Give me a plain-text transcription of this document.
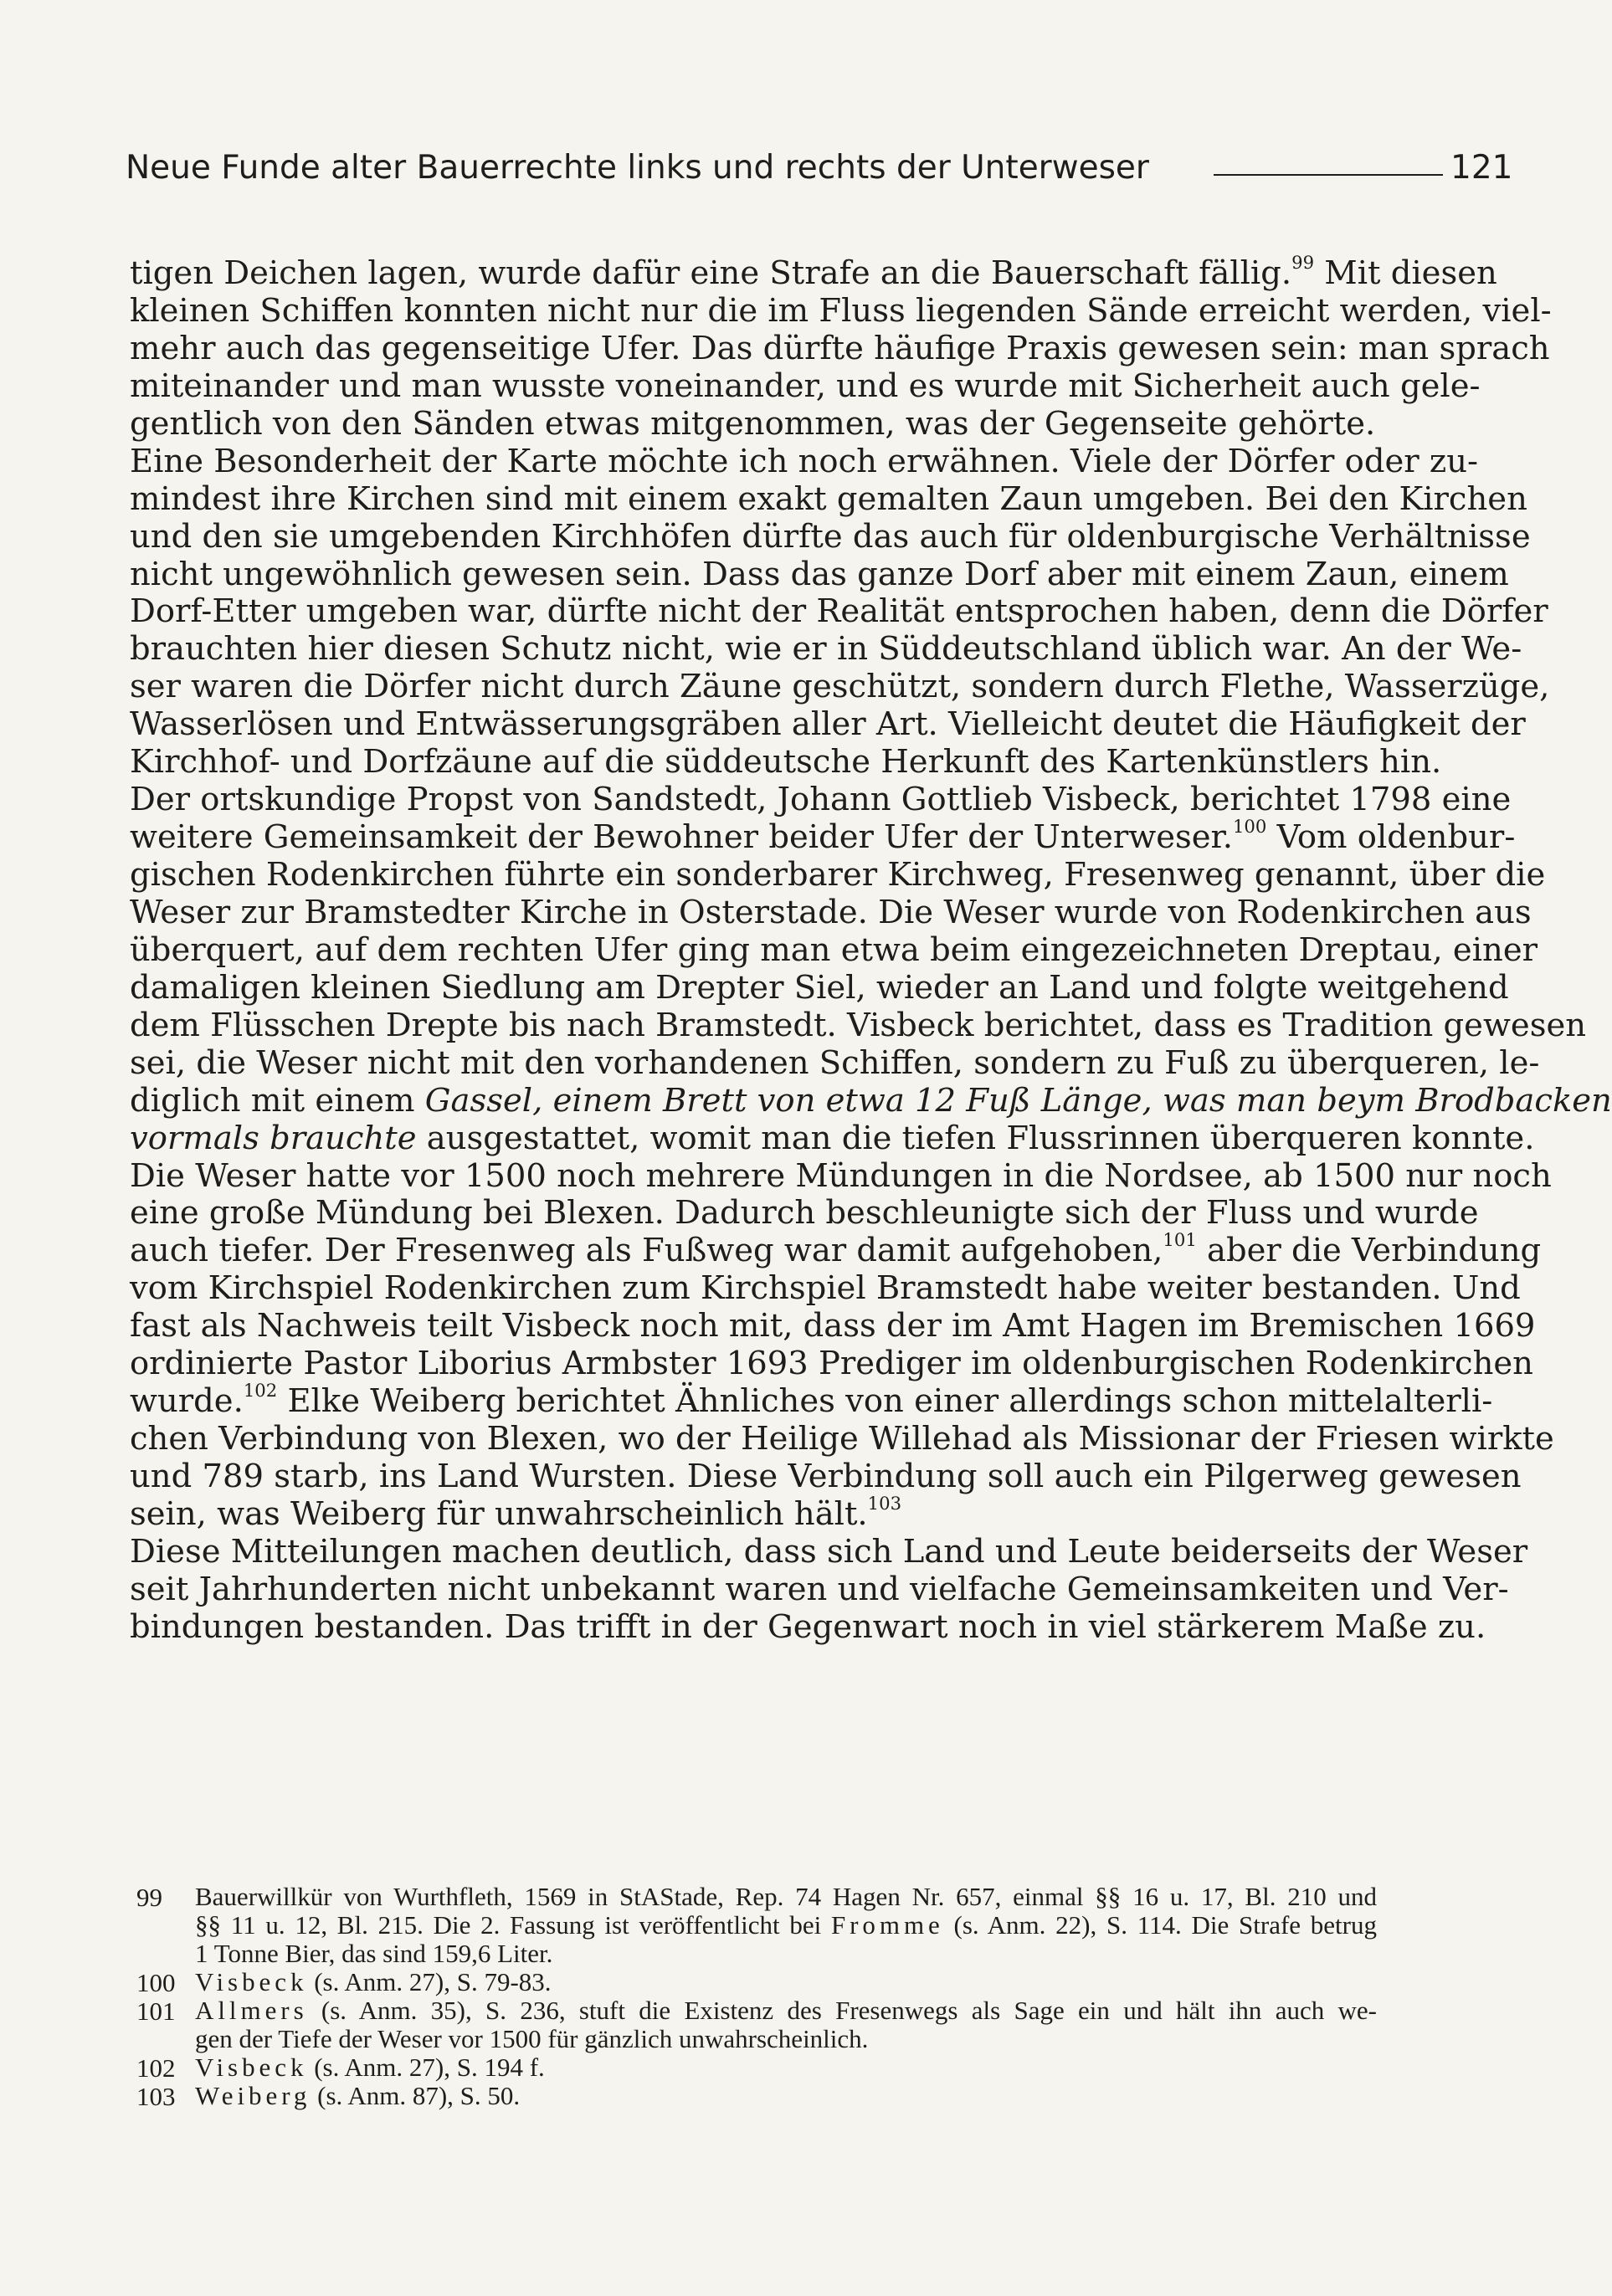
Neue Funde alter Bauerrechte links und rechts der Unterweser	121
tigen Deichen lagen, wurde dafür eine Strafe an die Bauerschaft fällig.$^{99}$ Mit diesen
kleinen Schiffen konnten nicht nur die im Fluss liegenden Sände erreicht werden, viel-
mehr auch das gegenseitige Ufer. Das dürfte häufige Praxis gewesen sein: man sprach
miteinander und man wusste voneinander, und es wurde mit Sicherheit auch gele-
gentlich von den Sänden etwas mitgenommen, was der Gegenseite gehörte.
Eine Besonderheit der Karte möchte ich noch erwähnen. Viele der Dörfer oder zu-
mindest ihre Kirchen sind mit einem exakt gemalten Zaun umgeben. Bei den Kirchen
und den sie umgebenden Kirchhöfen dürfte das auch für oldenburgische Verhältnisse
nicht ungewöhnlich gewesen sein. Dass das ganze Dorf aber mit einem Zaun, einem
Dorf-Etter umgeben war, dürfte nicht der Realität entsprochen haben, denn die Dörfer
brauchten hier diesen Schutz nicht, wie er in Süddeutschland üblich war. An der We-
ser waren die Dörfer nicht durch Zäune geschützt, sondern durch Flethe, Wasserzüge,
Wasserlösen und Entwässerungsgräben aller Art. Vielleicht deutet die Häufigkeit der
Kirchhof- und Dorfzäune auf die süddeutsche Herkunft des Kartenkünstlers hin.
Der ortskundige Propst von Sandstedt, Johann Gottlieb Visbeck, berichtet 1798 eine
weitere Gemeinsamkeit der Bewohner beider Ufer der Unterweser.$^{100}$ Vom oldenbur-
gischen Rodenkirchen führte ein sonderbarer Kirchweg, Fresenweg genannt, über die
Weser zur Bramstedter Kirche in Osterstade. Die Weser wurde von Rodenkirchen aus
überquert, auf dem rechten Ufer ging man etwa beim eingezeichneten Dreptau, einer
damaligen kleinen Siedlung am Drepter Siel, wieder an Land und folgte weitgehend
dem Flüsschen Drepte bis nach Bramstedt. Visbeck berichtet, dass es Tradition gewesen
sei, die Weser nicht mit den vorhandenen Schiffen, sondern zu Fuß zu überqueren, le-
diglich mit einem Gassel, einem Brett von etwa 12 Fuß Länge, was man beym Brodbacken
vormals brauchte ausgestattet, womit man die tiefen Flussrinnen überqueren konnte.
Die Weser hatte vor 1500 noch mehrere Mündungen in die Nordsee, ab 1500 nur noch
eine große Mündung bei Blexen. Dadurch beschleunigte sich der Fluss und wurde
auch tiefer. Der Fresenweg als Fußweg war damit aufgehoben,$^{101}$ aber die Verbindung
vom Kirchspiel Rodenkirchen zum Kirchspiel Bramstedt habe weiter bestanden. Und
fast als Nachweis teilt Visbeck noch mit, dass der im Amt Hagen im Bremischen 1669
ordinierte Pastor Liborius Armbster 1693 Prediger im oldenburgischen Rodenkirchen
wurde.$^{102}$ Elke Weiberg berichtet Ähnliches von einer allerdings schon mittelalterli-
chen Verbindung von Blexen, wo der Heilige Willehad als Missionar der Friesen wirkte
und 789 starb, ins Land Wursten. Diese Verbindung soll auch ein Pilgerweg gewesen
sein, was Weiberg für unwahrscheinlich hält.$^{103}$
Diese Mitteilungen machen deutlich, dass sich Land und Leute beiderseits der Weser
seit Jahrhunderten nicht unbekannt waren und vielfache Gemeinsamkeiten und Ver-
bindungen bestanden. Das trifft in der Gegenwart noch in viel stärkerem Maße zu.
99 Bauerwillkür von Wurthfleth, 1569 in StAStade, Rep. 74 Hagen Nr. 657, einmal §§ 16 u. 17, Bl. 210 und
§§ 11 u. 12, Bl. 215. Die 2. Fassung ist veröffentlicht bei Fromme (s. Anm. 22), S. 114. Die Strafe betrug
1 Tonne Bier, das sind 159,6 Liter.
100 Visbeck (s. Anm. 27), S. 79-83.
101 Allmers (s. Anm. 35), S. 236, stuft die Existenz des Fresenwegs als Sage ein und hält ihn auch we-
gen der Tiefe der Weser vor 1500 für gänzlich unwahrscheinlich.
102 Visbeck (s. Anm. 27), S. 194 f.
103 Weiberg (s. Anm. 87), S. 50.
